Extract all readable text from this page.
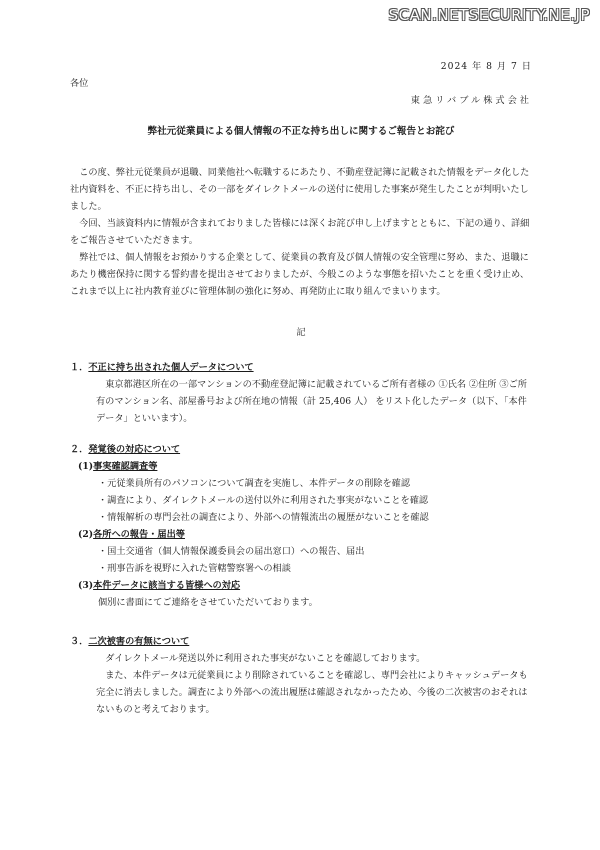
SCAN.NETSECURITY.NE.JP
2024 年 8 月 7 日
各位
東急リバブル株式会社
弊社元従業員による個人情報の不正な持ち出しに関するご報告とお詫び

この度、弊社元従業員が退職、同業他社へ転職するにあたり、不動産登記簿に記載された情報をデータ化した社内資料を、不正に持ち出し、その一部をダイレクトメールの送付に使用した事案が発生したことが判明いたしました。

今回、当該資料内に情報が含まれておりました皆様には深くお詫び申し上げますとともに、下記の通り、詳細をご報告させていただきます。

弊社では、個人情報をお預かりする企業として、従業員の教育及び個人情報の安全管理に努め、また、退職にあたり機密保持に関する誓約書を提出させておりましたが、今般このような事態を招いたことを重く受け止め、これまで以上に社内教育並びに管理体制の強化に努め、再発防止に取り組んでまいります。

記
１．不正に持ち出された個人データについて
東京都港区所在の一部マンションの不動産登記簿に記載されているご所有者様の ①氏名 ②住所 ③ご所有のマンション名、部屋番号および所在地の情報（計 25,406 人） をリスト化したデータ（以下、「本件データ」といいます）。
２．発覚後の対応について
(1)事実確認調査等
・元従業員所有のパソコンについて調査を実施し、本件データの削除を確認
・調査により、ダイレクトメールの送付以外に利用された事実がないことを確認
・情報解析の専門会社の調査により、外部への情報流出の履歴がないことを確認
(2)各所への報告・届出等
・国土交通省（個人情報保護委員会の届出窓口）への報告、届出
・刑事告訴を視野に入れた管轄警察署への相談
(3)本件データに該当する皆様への対応
個別に書面にてご連絡をさせていただいております。
３．二次被害の有無について

ダイレクトメール発送以外に利用された事実がないことを確認しております。

また、本件データは元従業員により削除されていることを確認し、専門会社によりキャッシュデータも完全に消去しました。調査により外部への流出履歴は確認されなかったため、今後の二次被害のおそれはないものと考えております。
